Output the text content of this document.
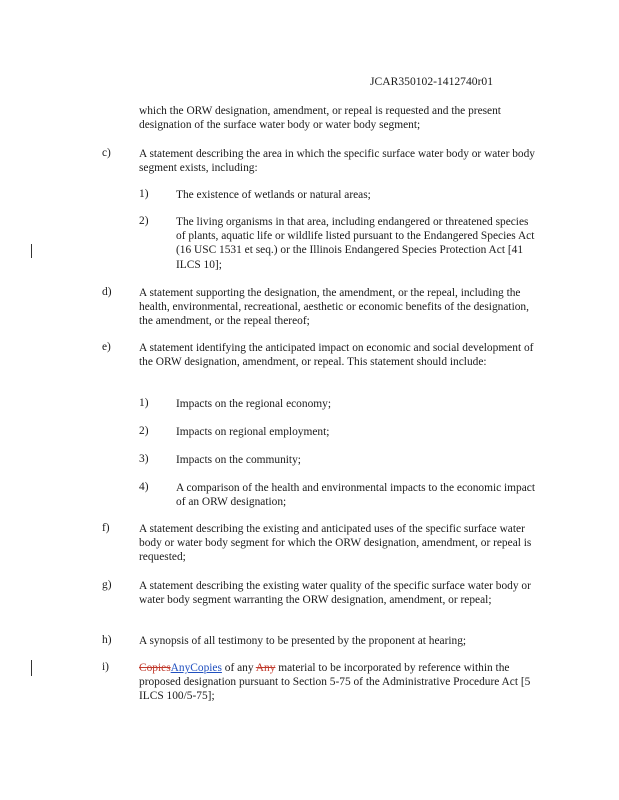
JCAR350102-1412740r01
which the ORW designation, amendment, or repeal is requested and the present designation of the surface water body or water body segment;
c) A statement describing the area in which the specific surface water body or water body segment exists, including:
1) The existence of wetlands or natural areas;
2) The living organisms in that area, including endangered or threatened species of plants, aquatic life or wildlife listed pursuant to the Endangered Species Act (16 USC 1531 et seq.) or the Illinois Endangered Species Protection Act [41 ILCS 10];
d) A statement supporting the designation, the amendment, or the repeal, including the health, environmental, recreational, aesthetic or economic benefits of the designation, the amendment, or the repeal thereof;
e) A statement identifying the anticipated impact on economic and social development of the ORW designation, amendment, or repeal. This statement should include:
1) Impacts on the regional economy;
2) Impacts on regional employment;
3) Impacts on the community;
4) A comparison of the health and environmental impacts to the economic impact of an ORW designation;
f)	A statement describing the existing and anticipated uses of the specific surface water body or water body segment for which the ORW designation, amendment, or repeal is requested;
g) A statement describing the existing water quality of the specific surface water body or water body segment warranting the ORW designation, amendment, or repeal;
h) A synopsis of all testimony to be presented by the proponent at hearing;
i)	CopiesAnyCopies of any Any material to be incorporated by reference within the proposed designation pursuant to Section 5-75 of the Administrative Procedure Act [5 ILCS 100/5-75];
